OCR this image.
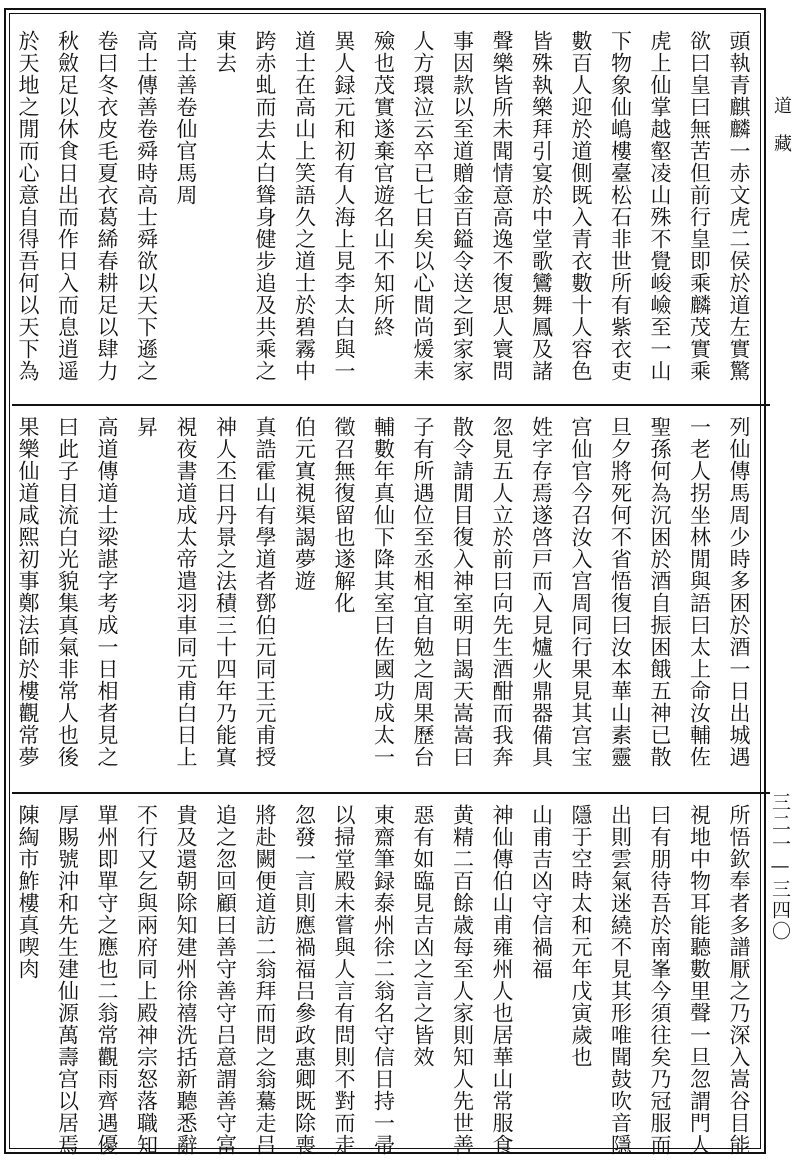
頭執青麒麟一赤文虎二侯於道左實驚
欲曰皇曰無苦但前行皇即乘麟茂實乘
虎上仙掌越壑凌山殊不覺峻嶮至一山
下物象仙嶋樓臺松石非世所有紫衣吏
數百人迎於道側既入青衣數十人容色
皆殊執樂拜引宴於中堂歌鸞舞鳳及諸
聲樂皆所未聞情意高逸不復思人寰問
事因款以至道贈金百鎰令送之到家家
人方環泣云卒已七日矣以心間尚煖耒
殮也茂實遂棄官遊名山不知所終
異人録元和初有人海上見李太白與一
道士在高山上笑語久之道士於碧霧中
跨赤虬而去太白聳身健步追及共乘之
東去
高士善卷仙官馬周
高士傳善卷舜時高士舜欲以天下遜之
卷曰冬衣皮毛夏衣葛絺春耕足以肆力
秋斂足以休食日出而作日入而息逍遥
於天地之閒而心意自得吾何以天下為
列仙傳馬周少時多困於酒一日出城遇
一老人拐坐林閒與語曰太上命汝輔佐
聖孫何為沉困於酒自振困餓五神已散
旦夕將死何不省悟復曰汝本華山素靈
宫仙官今召汝入宫周同行果見其宫宝
姓字存焉遂啓戸而入見爐火鼎器備具
忽見五人立於前曰向先生酒酣而我奔
散令請閒目復入神室明日謁天嵩嵩曰
子有所遇位至丞相宜自勉之周果歷台
輔數年真仙下降其室曰佐國功成太一
徵召無復留也遂解化
伯元寘視渠謁夢遊
真誥霍山有學道者鄧伯元同王元甫授
神人丕日丹景之法積三十四年乃能寘
視夜書道成太帝遣羽車同元甫白日上
昇
高道傳道士梁諶字考成一日相者見之
曰此子目流白光貌集真氣非常人也後
果樂仙道咸熙初事鄭法師於樓觀常夢
所悟欽奉者多譜厭之乃深入嵩谷目能
視地中物耳能聽數里聲一旦忽謂門人
曰有朋待吾於南峯今須往矣乃冠服而
出則雲氣迷繞不見其形唯聞鼓吹音隱
隱于空時太和元年戊寅歲也
山甫吉凶守信禍福
神仙傳伯山甫雍州人也居華山常服食
黄精二百餘歳每至人家則知人先世善
惡有如臨見吉凶之言之皆效
東齋筆録泰州徐二翁名守信日持一帚
以掃堂殿未嘗與人言有問則不對而走
忽發一言則應禍福吕參政惠卿既除喪
將赴闕便道訪二翁拜而問之翁驀走吕
追之忽回顧曰善守善守吕意謂善守富
貴及還朝除知建州徐禧洗括新聽悉辭
不行又乞與兩府同上殿神宗怒落職知
單州即單守之應也二翁常觀雨齊遇優
厚賜號沖和先生建仙源萬壽宫以居焉
陳綯市鮓樓真喫肉
道藏
三二一—三四〇
